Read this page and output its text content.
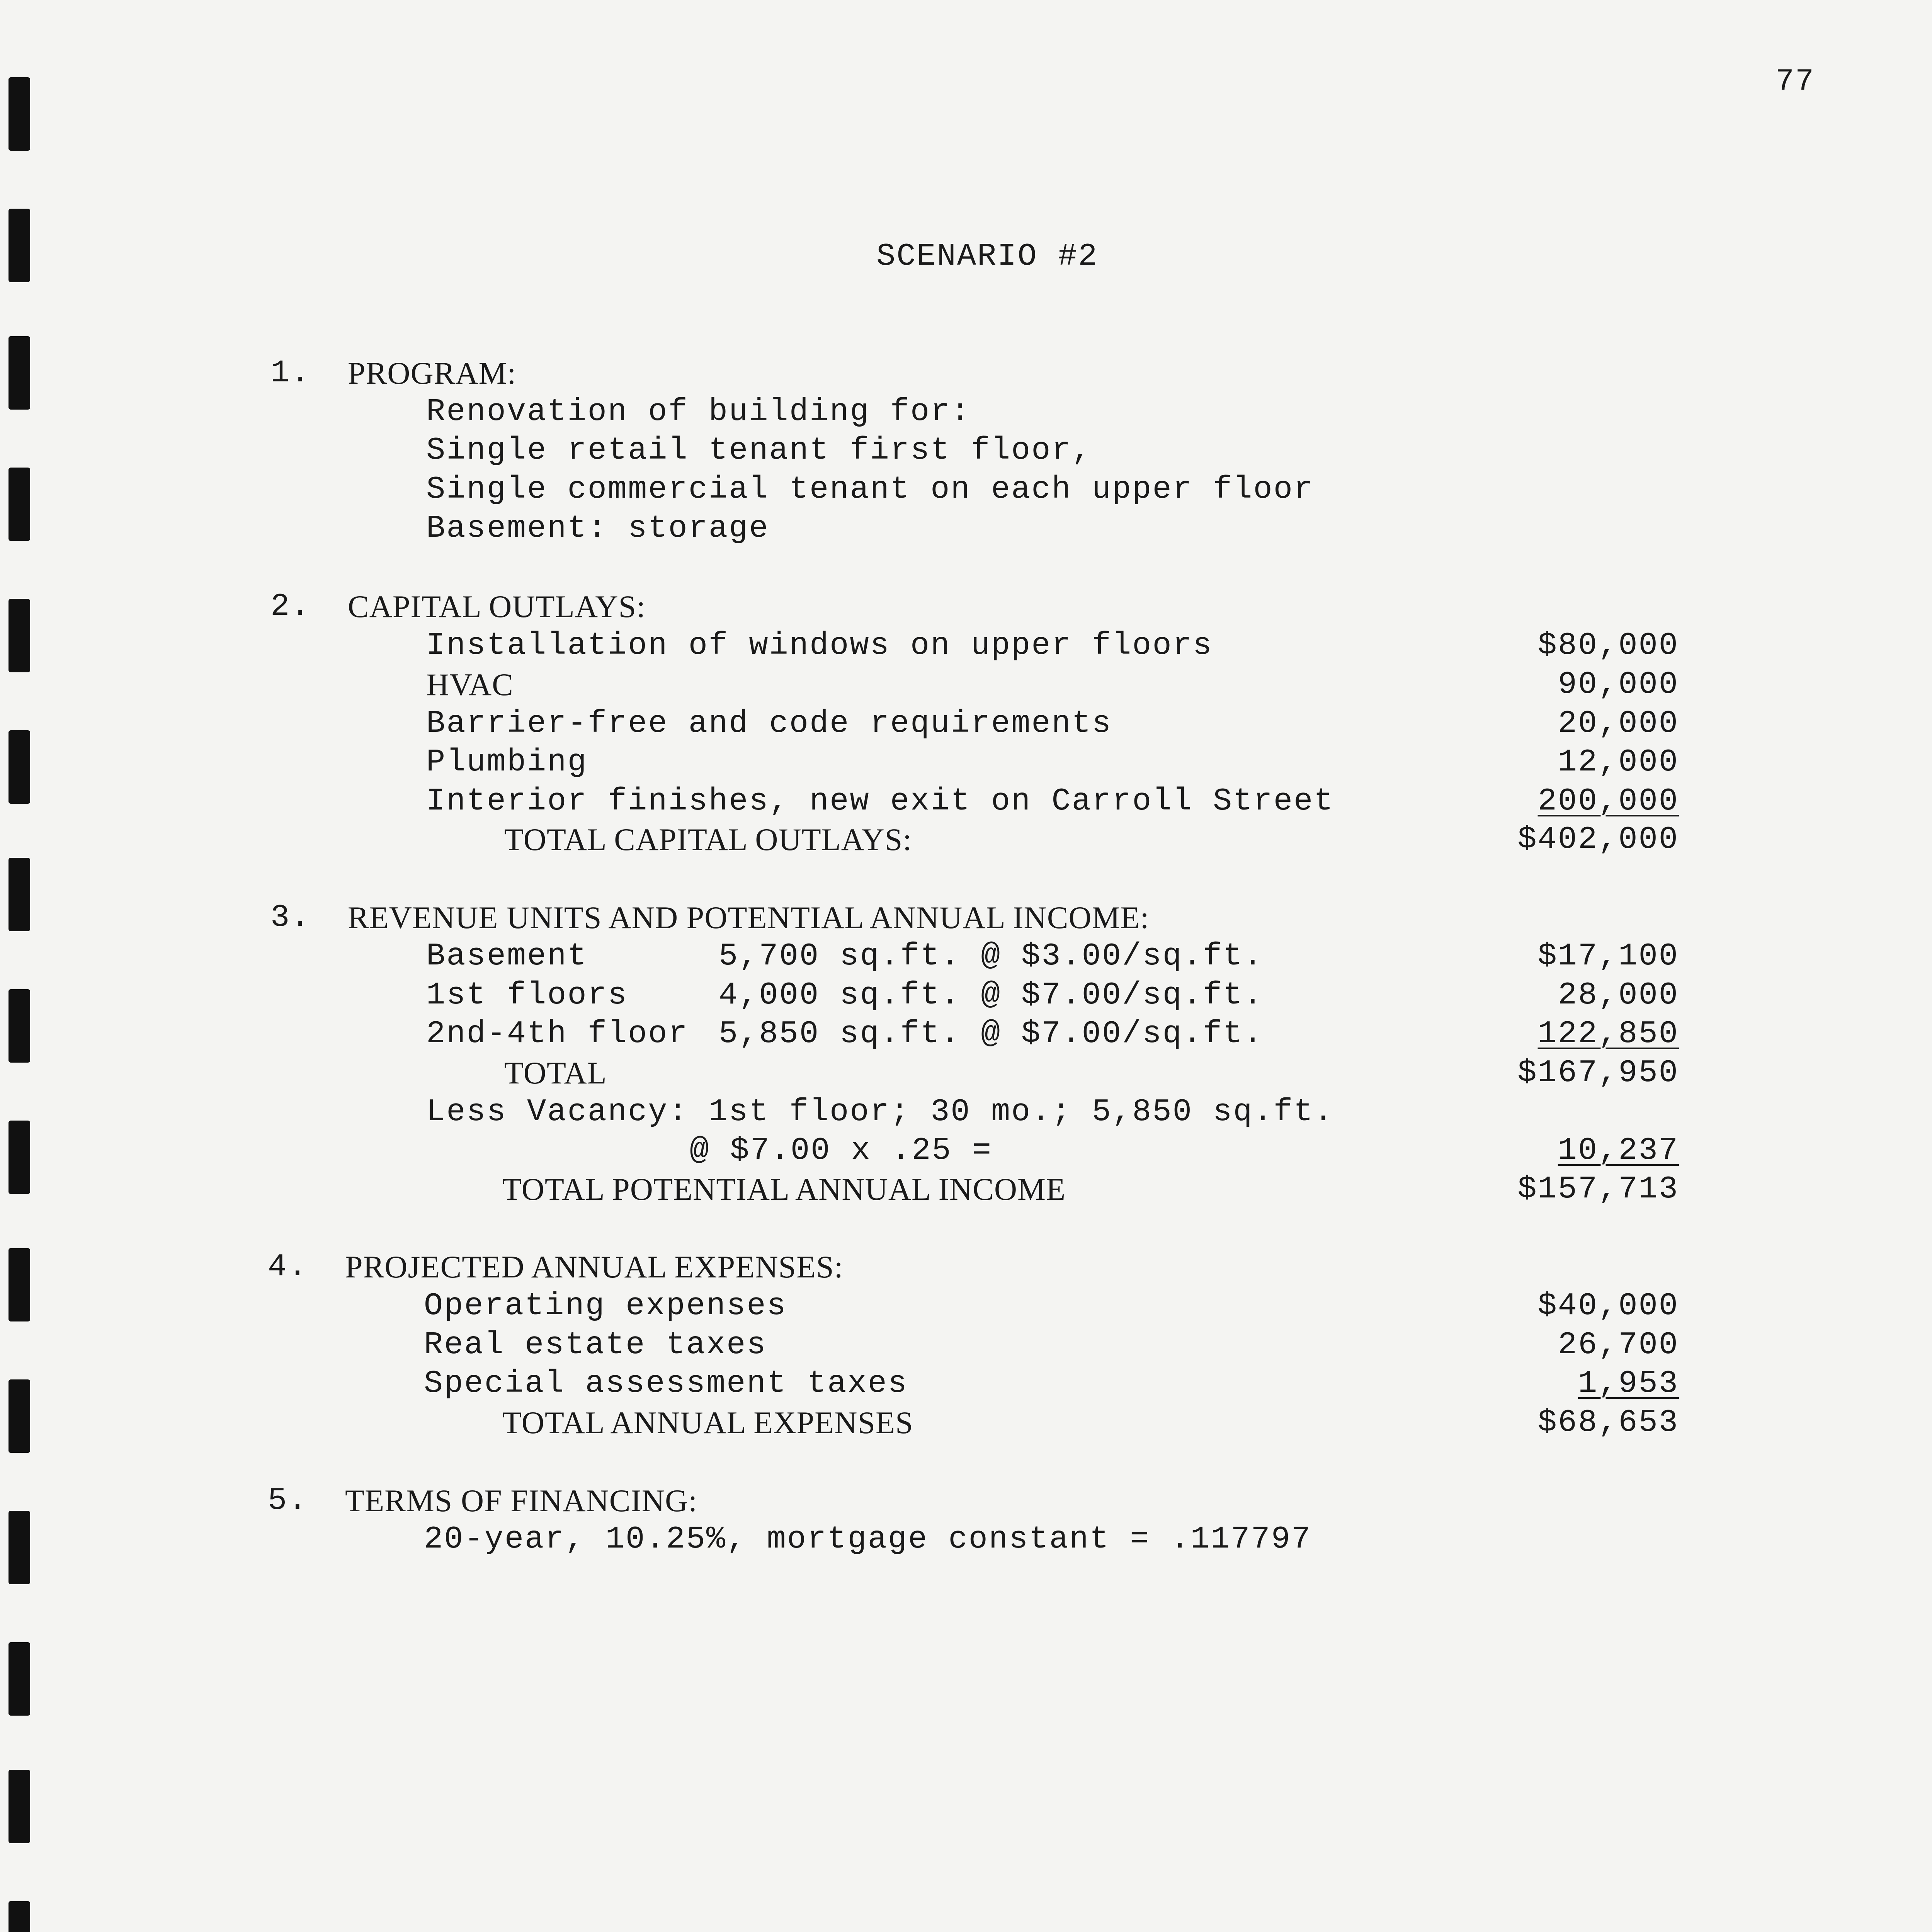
77
SCENARIO #2
1. PROGRAM:
Renovation of building for:
Single retail tenant first floor,
Single commercial tenant on each upper floor
Basement: storage
2. CAPITAL OUTLAYS:
Installation of windows on upper floors	$80,000
HVAC	90,000
Barrier-free and code requirements	20,000
Plumbing	12,000
Interior finishes, new exit on Carroll Street	200,000
TOTAL CAPITAL OUTLAYS:	$402,000
3. REVENUE UNITS AND POTENTIAL ANNUAL INCOME:
Basement	5,700 sq.ft. @ $3.00/sq.ft.	$17,100
1st floors	4,000 sq.ft. @ $7.00/sq.ft.	28,000
2nd-4th floor 5,850 sq.ft. @ $7.00/sq.ft.	122,850
TOTAL	$167,950
Less Vacancy: 1st floor; 30 mo.; 5,850 sq.ft.
@ $7.00 x .25 =	10,237
TOTAL POTENTIAL ANNUAL INCOME	$157,713
4. PROJECTED ANNUAL EXPENSES:
Operating expenses	$40,000
Real estate taxes	26,700
Special assessment taxes	1,953
TOTAL ANNUAL EXPENSES	$68,653
5. TERMS OF FINANCING:
20-year, 10.25%, mortgage constant = .117797
